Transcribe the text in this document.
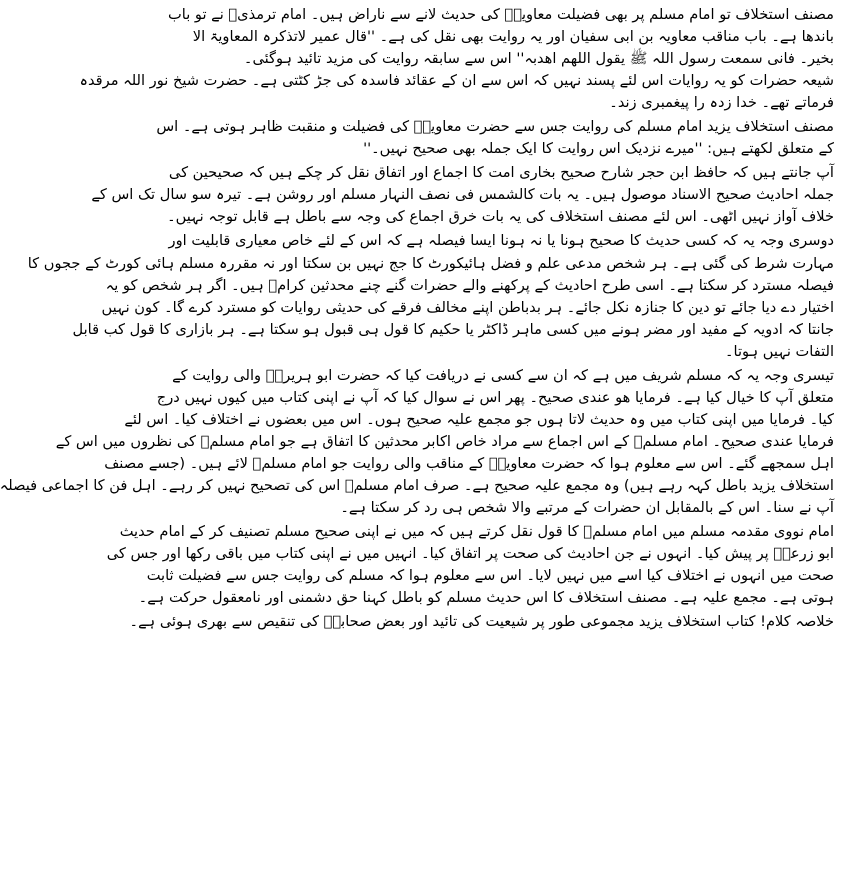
مصنف استخلاف تو امام مسلم پر بھی فضیلت معاویہؓ کی حدیث لانے سے ناراض ہیں۔ امام ترمذیؒ نے تو باب
باندھا ہے۔ باب مناقب معاویہ بن ابی سفیان اور یہ روایت بھی نقل کی ہے۔ ''قال عمیر لاتذکرہ المعاویۃ الا
بخیر۔ فانی سمعت رسول اللہ ﷺ یقول اللھم اھدبہ'' اس سے سابقہ روایت کی مزید تائید ہوگئی۔
شیعہ حضرات کو یہ روایات اس لئے پسند نہیں کہ اس سے ان کے عقائد فاسدہ کی جڑ کٹتی ہے۔ حضرت شیخ نور اللہ مرقدہ
فرماتے تھے۔ خدا زدہ را پیغمبری زند۔

مصنف استخلاف یزید امام مسلم کی روایت جس سے حضرت معاویہؓ کی فضیلت و منقبت ظاہر ہوتی ہے۔ اس
کے متعلق لکھتے ہیں: ''میرے نزدیک اس روایت کا ایک جملہ بھی صحیح نہیں۔''

آپ جانتے ہیں کہ حافظ ابن حجر شارح صحیح بخاری امت کا اجماع اور اتفاق نقل کر چکے ہیں کہ صحیحین کی
جملہ احادیث صحیح الاسناد موصول ہیں۔ یہ بات کالشمس فی نصف النہار مسلم اور روشن ہے۔ تیرہ سو سال تک اس کے
خلاف آواز نہیں اٹھی۔ اس لئے مصنف استخلاف کی یہ بات خرق اجماع کی وجہ سے باطل ہے قابل توجہ نہیں۔

دوسری وجہ یہ کہ کسی حدیث کا صحیح ہونا یا نہ ہونا ایسا فیصلہ ہے کہ اس کے لئے خاص معیاری قابلیت اور
مہارت شرط کی گئی ہے۔ ہر شخص مدعی علم و فضل ہائیکورٹ کا جج نہیں بن سکتا اور نہ مقررہ مسلم ہائی کورٹ کے ججوں کا
فیصلہ مسترد کر سکتا ہے۔ اسی طرح احادیث کے پرکھنے والے حضرات گنے چنے محدثین کرامؒ ہیں۔ اگر ہر شخص کو یہ
اختیار دے دیا جائے تو دین کا جنازہ نکل جائے۔ ہر بدباطن اپنے مخالف فرقے کی حدیثی روایات کو مسترد کرے گا۔ کون نہیں
جانتا کہ ادویہ کے مفید اور مضر ہونے میں کسی ماہر ڈاکٹر یا حکیم کا قول ہی قبول ہو سکتا ہے۔ ہر بازاری کا قول کب قابل
التفات نہیں ہوتا۔

تیسری وجہ یہ کہ مسلم شریف میں ہے کہ ان سے کسی نے دریافت کیا کہ حضرت ابو ہریرہؓ والی روایت کے
متعلق آپ کا خیال کیا ہے۔ فرمایا ھو عندی صحیح۔ پھر اس نے سوال کیا کہ آپ نے اپنی کتاب میں کیوں نہیں درج
کیا۔ فرمایا میں اپنی کتاب میں وہ حدیث لاتا ہوں جو مجمع علیہ صحیح ہوں۔ اس میں بعضوں نے اختلاف کیا۔ اس لئے
فرمایا عندی صحیح۔ امام مسلمؒ کے اس اجماع سے مراد خاص اکابر محدثین کا اتفاق ہے جو امام مسلمؒ کی نظروں میں اس کے
اہل سمجھے گئے۔ اس سے معلوم ہوا کہ حضرت معاویہؓ کے مناقب والی روایت جو امام مسلمؒ لائے ہیں۔ (جسے مصنف
استخلاف یزید باطل کہہ رہے ہیں) وہ مجمع علیہ صحیح ہے۔ صرف امام مسلمؒ اس کی تصحیح نہیں کر رہے۔ اہل فن کا اجماعی فیصلہ
آپ نے سنا۔ اس کے بالمقابل ان حضرات کے مرتبے والا شخص ہی رد کر سکتا ہے۔

امام نووی مقدمہ مسلم میں امام مسلمؒ کا قول نقل کرتے ہیں کہ میں نے اپنی صحیح مسلم تصنیف کر کے امام حدیث
ابو زرعہؒ پر پیش کیا۔ انہوں نے جن احادیث کی صحت پر اتفاق کیا۔ انہیں میں نے اپنی کتاب میں باقی رکھا اور جس کی
صحت میں انہوں نے اختلاف کیا اسے میں نہیں لایا۔ اس سے معلوم ہوا کہ مسلم کی روایت جس سے فضیلت ثابت
ہوتی ہے۔ مجمع علیہ ہے۔ مصنف استخلاف کا اس حدیث مسلم کو باطل کہنا حق دشمنی اور نامعقول حرکت ہے۔

خلاصہ کلام! کتاب استخلاف یزید مجموعی طور پر شیعیت کی تائید اور بعض صحابہؓ کی تنقیص سے بھری ہوئی ہے۔
